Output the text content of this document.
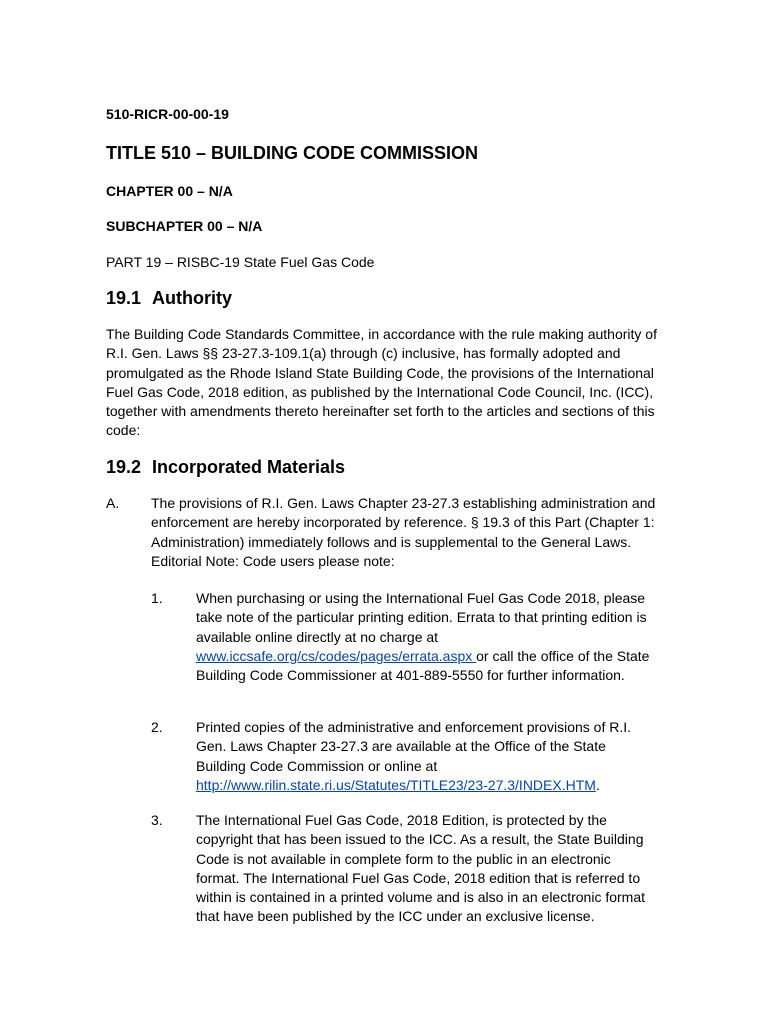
510-RICR-00-00-19
TITLE 510 – BUILDING CODE COMMISSION
CHAPTER 00 – N/A
SUBCHAPTER 00 – N/A
PART 19 – RISBC-19 State Fuel Gas Code
19.1 Authority

The Building Code Standards Committee, in accordance with the rule making authority of R.I. Gen. Laws §§ 23-27.3-109.1(a) through (c) inclusive, has formally adopted and promulgated as the Rhode Island State Building Code, the provisions of the International Fuel Gas Code, 2018 edition, as published by the International Code Council, Inc. (ICC), together with amendments thereto hereinafter set forth to the articles and sections of this code:

19.2 Incorporated Materials
A. The provisions of R.I. Gen. Laws Chapter 23-27.3 establishing administration and enforcement are hereby incorporated by reference. § 19.3 of this Part (Chapter 1: Administration) immediately follows and is supplemental to the General Laws. Editorial Note: Code users please note:
1. When purchasing or using the International Fuel Gas Code 2018, please take note of the particular printing edition. Errata to that printing edition is available online directly at no charge at www.iccsafe.org/cs/codes/pages/errata.aspx or call the office of the State Building Code Commissioner at 401-889-5550 for further information.
2. Printed copies of the administrative and enforcement provisions of R.I. Gen. Laws Chapter 23-27.3 are available at the Office of the State Building Code Commission or online at http://www.rilin.state.ri.us/Statutes/TITLE23/23-27.3/INDEX.HTM.
3. The International Fuel Gas Code, 2018 Edition, is protected by the copyright that has been issued to the ICC. As a result, the State Building Code is not available in complete form to the public in an electronic format. The International Fuel Gas Code, 2018 edition that is referred to within is contained in a printed volume and is also in an electronic format that have been published by the ICC under an exclusive license.
